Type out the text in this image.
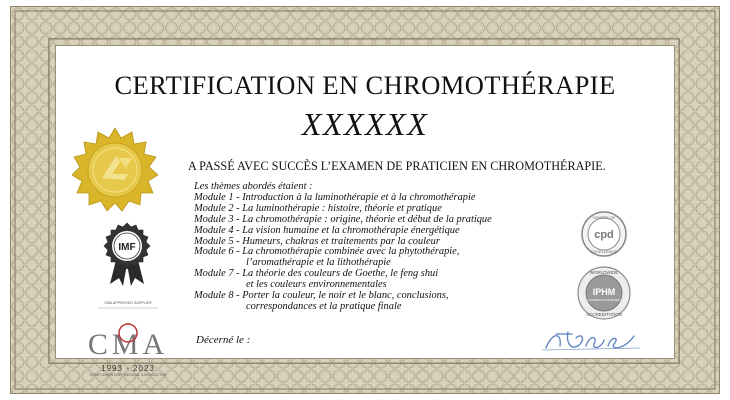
CERTIFICATION EN CHROMOTHÉRAPIE
XXXXXX
A PASSÉ AVEC SUCCÈS L’EXAMEN DE PRATICIEN EN CHROMOTHÉRAPIE.
Les thèmes abordés étaient :
Module 1 - Introduction à la luminothérapie et à la chromothérapie
Module 2 - La luminothérapie : histoire, théorie et pratique
Module 3 - La chromothérapie : origine, théorie et début de la pratique
Module 4 - La vision humaine et la chromothérapie énergétique
Module 5 - Humeurs, chakras et traitements par la couleur
Module 6 - La chromothérapie combinée avec la phytothérapie,
l’aromathérapie et la lithothérapie
Module 7 - La théorie des couleurs de Goethe, le feng shui
et les couleurs environnementales
Module 8 - Porter la couleur, le noir et le blanc, conclusions,
correspondances et la pratique finale
Décerné le :
IMF
CMA APPROVED SUPPLIER
CMA
1993 - 2023
COMPLEMENTARY MEDICAL ASSOCIATION
CENTRE OF
cpd
EXCELLENCE
WORLDWIDE
IPHM
ACCREDITATION BOARD
ACCREDITATION
TDSS
